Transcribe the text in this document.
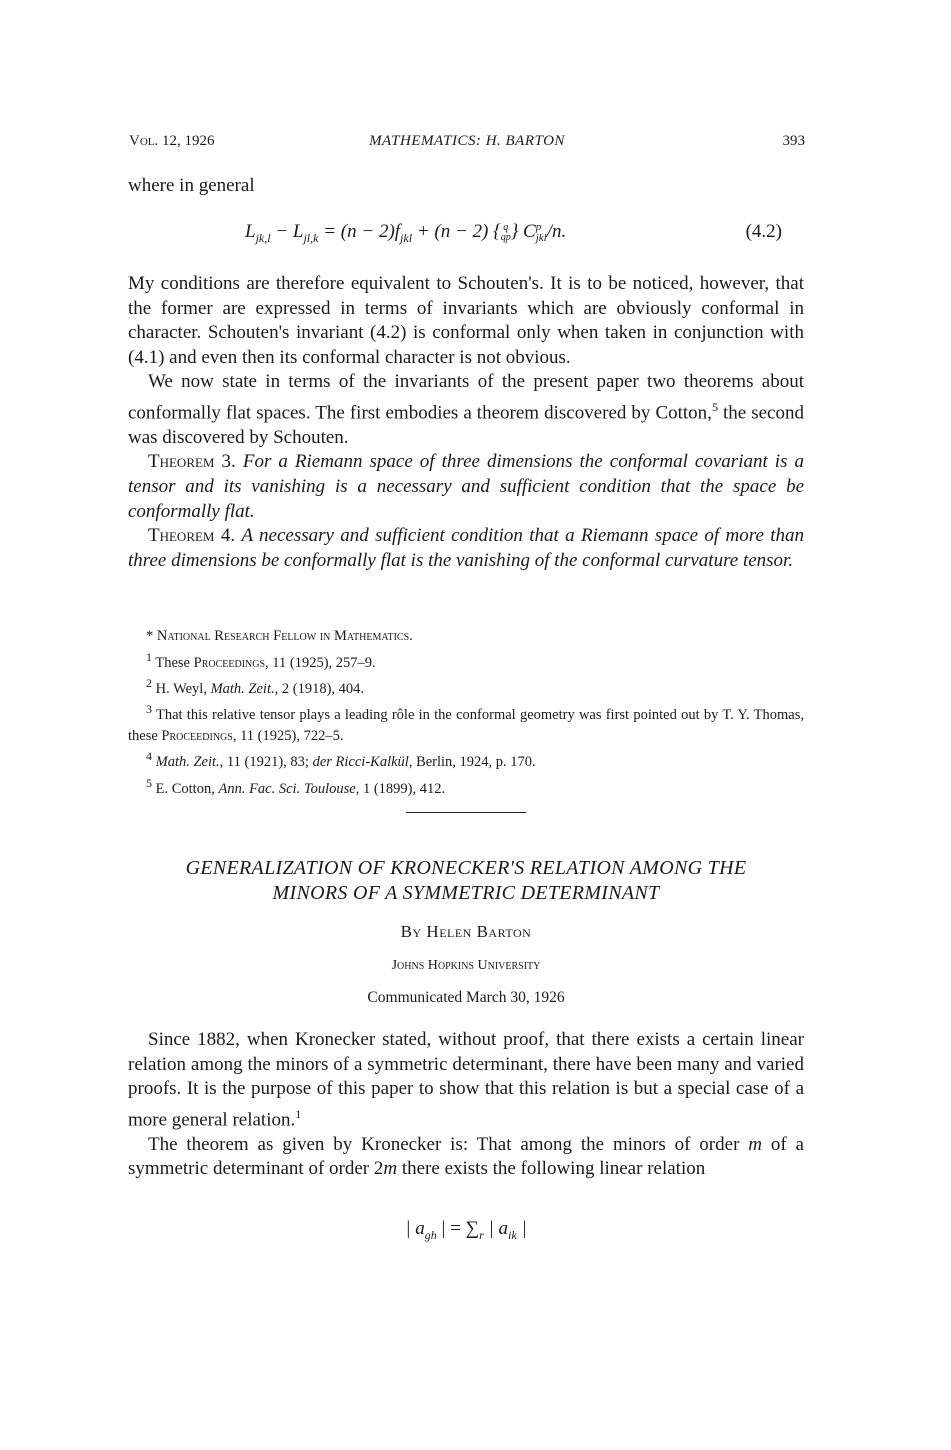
Vol. 12, 1926	MATHEMATICS: H. BARTON	393

where in general

$L_{jk,l} - L_{jl,k} = (n - 2)f_{jkl} + (n - 2)$ { q
qp } C p
jkl /n.	(4.2)

My conditions are therefore equivalent to Schouten's. It is to be noticed, however, that the former are expressed in terms of invariants which are obviously conformal in character. Schouten's invariant (4.2) is conformal only when taken in conjunction with (4.1) and even then its conformal character is not obvious.

We now state in terms of the invariants of the present paper two theorems about conformally flat spaces. The first embodies a theorem discovered by Cotton,$^5$ the second was discovered by Schouten.

Theorem 3. For a Riemann space of three dimensions the conformal covariant is a tensor and its vanishing is a necessary and sufficient condition that the space be conformally flat.

Theorem 4. A necessary and sufficient condition that a Riemann space of more than three dimensions be conformally flat is the vanishing of the conformal curvature tensor.

* National Research Fellow in Mathematics.

$^1$ These Proceedings, 11 (1925), 257–9.

$^2$ H. Weyl, Math. Zeit., 2 (1918), 404.

$^3$ That this relative tensor plays a leading rôle in the conformal geometry was first pointed out by T. Y. Thomas, these Proceedings, 11 (1925), 722–5.

$^4$ Math. Zeit., 11 (1921), 83; der Ricci-Kalkül, Berlin, 1924, p. 170.

$^5$ E. Cotton, Ann. Fac. Sci. Toulouse, 1 (1899), 412.

GENERALIZATION OF KRONECKER'S RELATION AMONG THE
MINORS OF A SYMMETRIC DETERMINANT
By Helen Barton
Johns Hopkins University
Communicated March 30, 1926

Since 1882, when Kronecker stated, without proof, that there exists a certain linear relation among the minors of a symmetric determinant, there have been many and varied proofs. It is the purpose of this paper to show that this relation is but a special case of a more general relation.$^1$

The theorem as given by Kronecker is: That among the minors of order m of a symmetric determinant of order 2m there exists the following linear relation

| $a_{gh}$ | = $\sum_r$ | $a_{ik}$ |
